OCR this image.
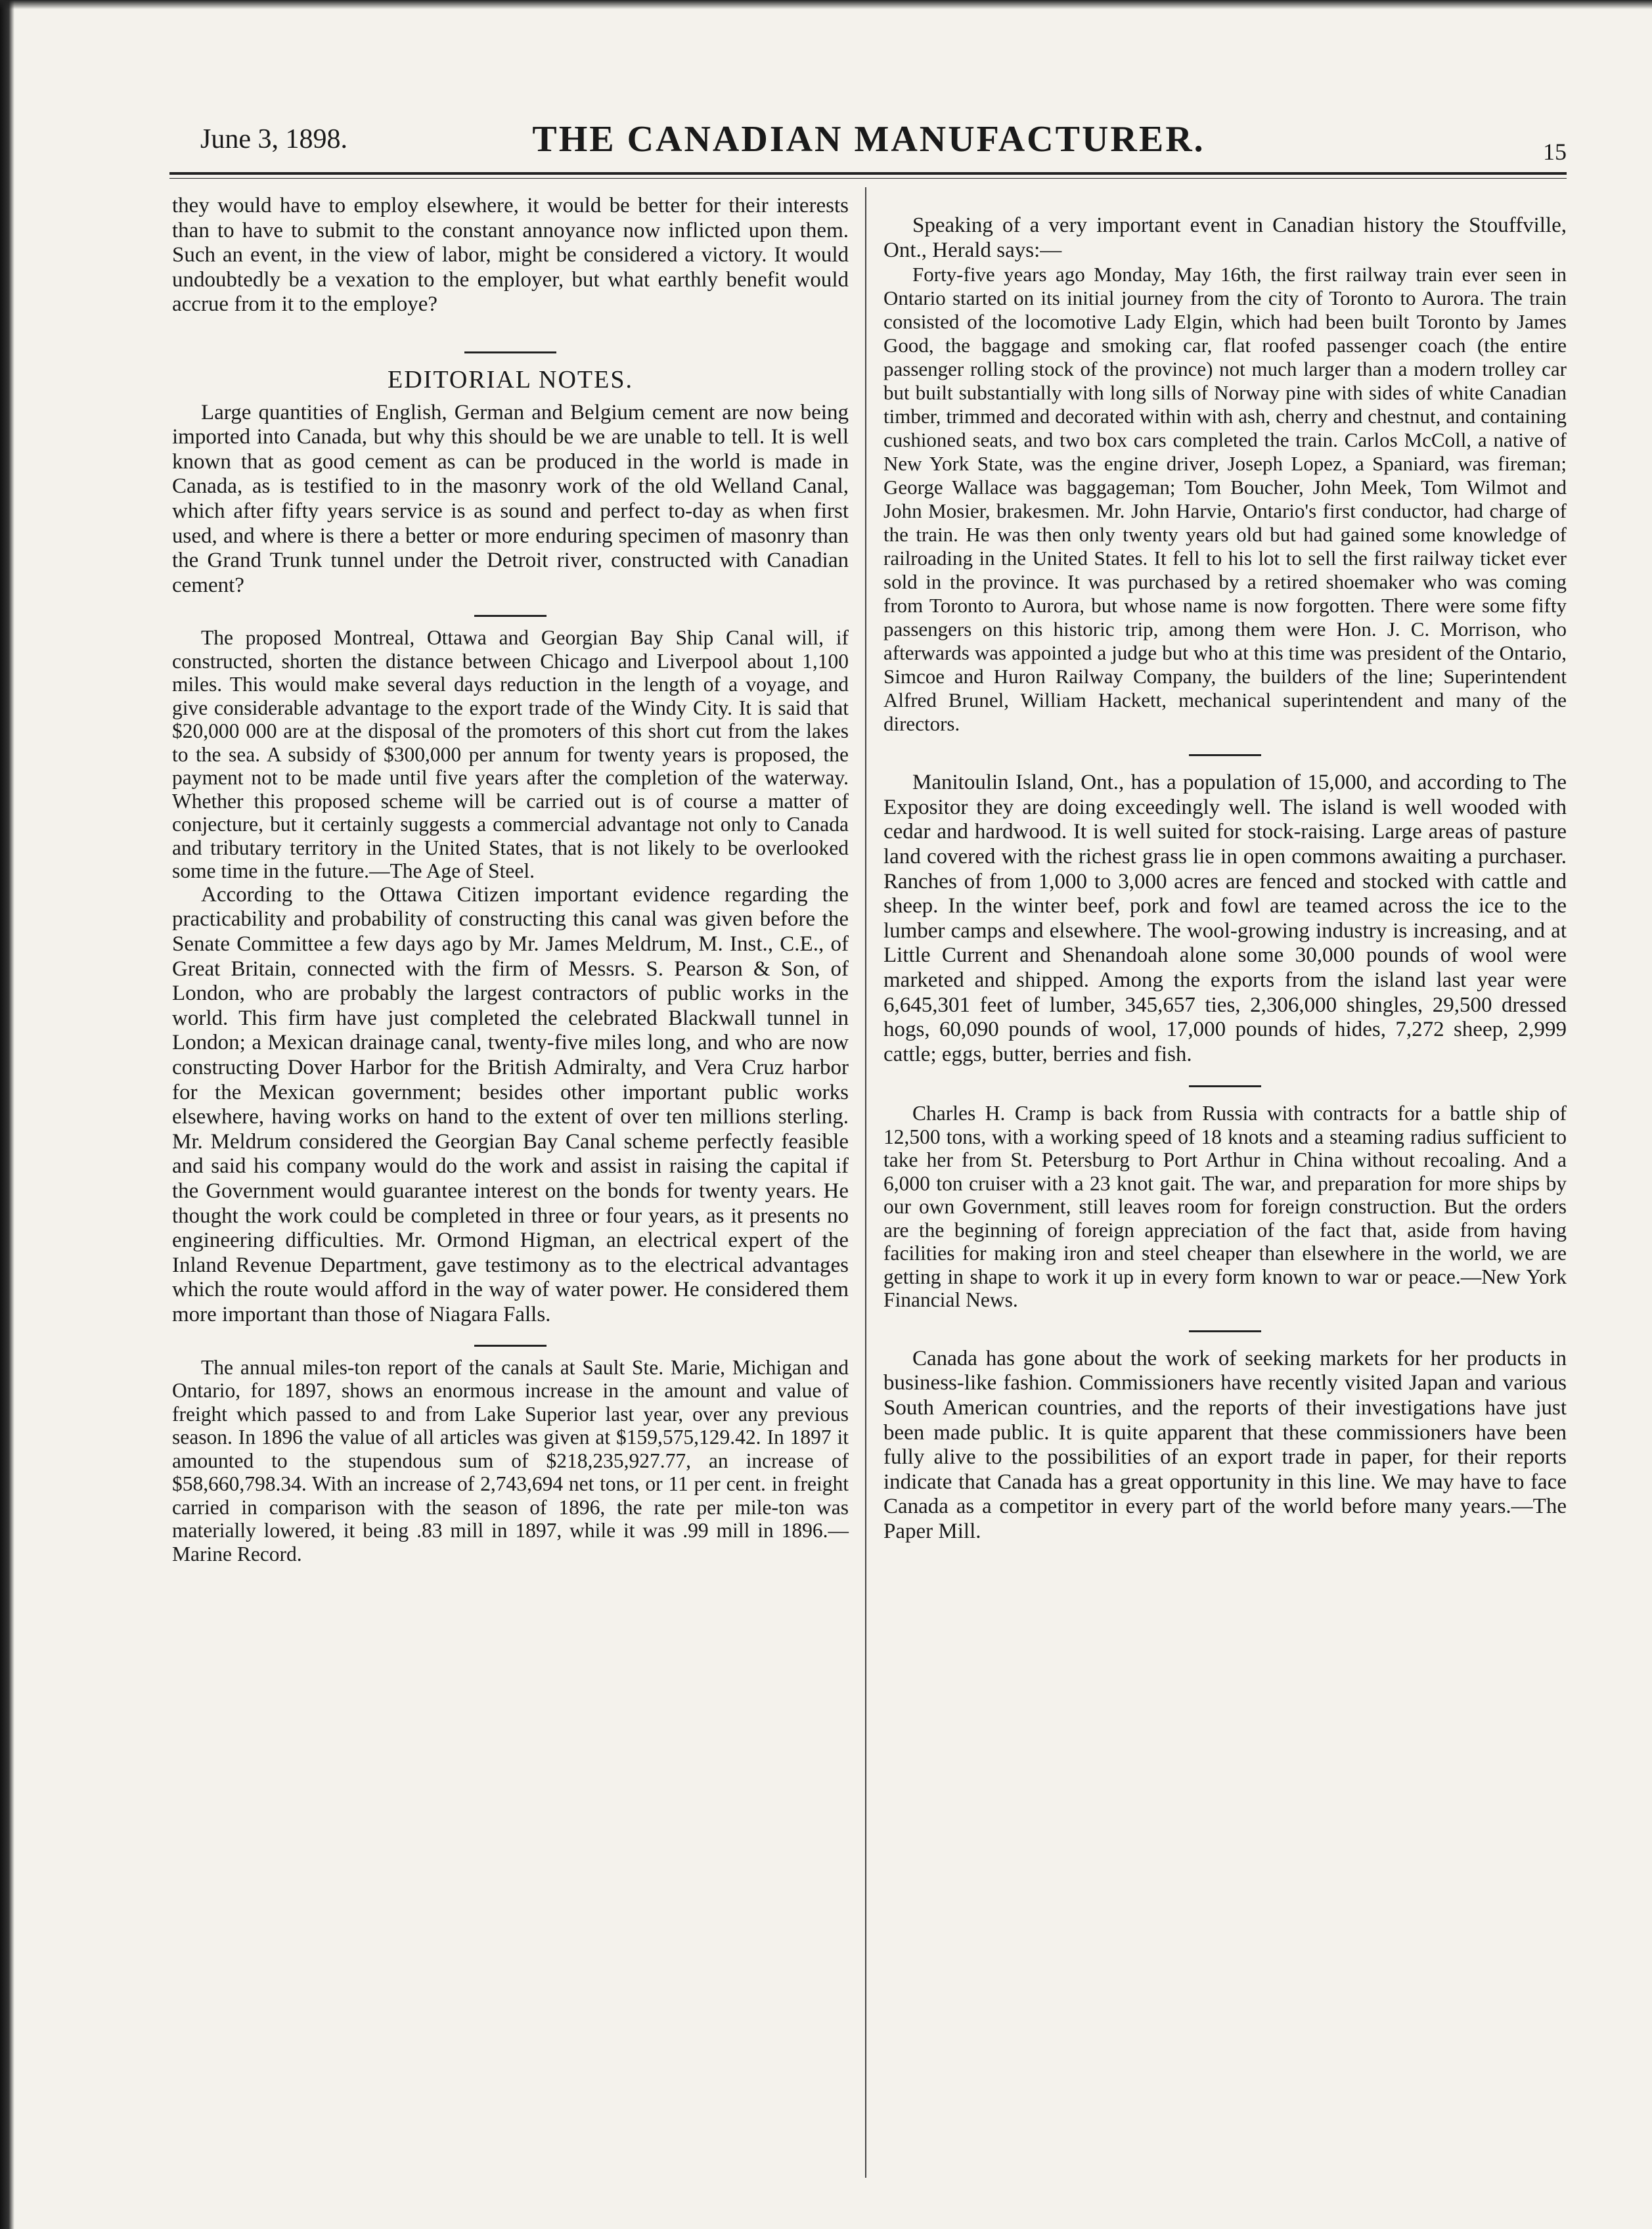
June 3, 1898.	THE CANADIAN MANUFACTURER.	15

they would have to employ elsewhere, it would be better for their interests than to have to submit to the constant annoyance now inflicted upon them. Such an event, in the view of labor, might be considered a victory. It would undoubtedly be a vexation to the employer, but what earthly benefit would accrue from it to the employe?

EDITORIAL NOTES.

Large quantities of English, German and Belgium cement are now being imported into Canada, but why this should be we are unable to tell. It is well known that as good cement as can be produced in the world is made in Canada, as is testified to in the masonry work of the old Welland Canal, which after fifty years service is as sound and perfect to-day as when first used, and where is there a better or more enduring specimen of masonry than the Grand Trunk tunnel under the Detroit river, constructed with Canadian cement?

The proposed Montreal, Ottawa and Georgian Bay Ship Canal will, if constructed, shorten the distance between Chicago and Liverpool about 1,100 miles. This would make several days reduction in the length of a voyage, and give considerable advantage to the export trade of the Windy City. It is said that $20,000 000 are at the disposal of the promoters of this short cut from the lakes to the sea. A subsidy of $300,000 per annum for twenty years is proposed, the payment not to be made until five years after the completion of the waterway. Whether this proposed scheme will be carried out is of course a matter of conjecture, but it certainly suggests a commercial advantage not only to Canada and tributary territory in the United States, that is not likely to be overlooked some time in the future.—The Age of Steel.

According to the Ottawa Citizen important evidence regarding the practicability and probability of constructing this canal was given before the Senate Committee a few days ago by Mr. James Meldrum, M. Inst., C.E., of Great Britain, connected with the firm of Messrs. S. Pearson & Son, of London, who are probably the largest contractors of public works in the world. This firm have just completed the celebrated Blackwall tunnel in London; a Mexican drainage canal, twenty-five miles long, and who are now constructing Dover Harbor for the British Admiralty, and Vera Cruz harbor for the Mexican government; besides other important public works elsewhere, having works on hand to the extent of over ten millions sterling. Mr. Meldrum considered the Georgian Bay Canal scheme perfectly feasible and said his company would do the work and assist in raising the capital if the Government would guarantee interest on the bonds for twenty years. He thought the work could be completed in three or four years, as it presents no engineering difficulties. Mr. Ormond Higman, an electrical expert of the Inland Revenue Department, gave testimony as to the electrical advantages which the route would afford in the way of water power. He considered them more important than those of Niagara Falls.

The annual miles-ton report of the canals at Sault Ste. Marie, Michigan and Ontario, for 1897, shows an enormous increase in the amount and value of freight which passed to and from Lake Superior last year, over any previous season. In 1896 the value of all articles was given at $159,575,129.42. In 1897 it amounted to the stupendous sum of $218,235,927.77, an increase of $58,660,798.34. With an increase of 2,743,694 net tons, or 11 per cent. in freight carried in comparison with the season of 1896, the rate per mile-ton was materially lowered, it being .83 mill in 1897, while it was .99 mill in 1896.—Marine Record.

Speaking of a very important event in Canadian history the Stouffville, Ont., Herald says:—

Forty-five years ago Monday, May 16th, the first railway train ever seen in Ontario started on its initial journey from the city of Toronto to Aurora. The train consisted of the locomotive Lady Elgin, which had been built Toronto by James Good, the baggage and smoking car, flat roofed passenger coach (the entire passenger rolling stock of the province) not much larger than a modern trolley car but built substantially with long sills of Norway pine with sides of white Canadian timber, trimmed and decorated within with ash, cherry and chestnut, and containing cushioned seats, and two box cars completed the train. Carlos McColl, a native of New York State, was the engine driver, Joseph Lopez, a Spaniard, was fireman; George Wallace was baggageman; Tom Boucher, John Meek, Tom Wilmot and John Mosier, brakesmen. Mr. John Harvie, Ontario's first conductor, had charge of the train. He was then only twenty years old but had gained some knowledge of railroading in the United States. It fell to his lot to sell the first railway ticket ever sold in the province. It was purchased by a retired shoemaker who was coming from Toronto to Aurora, but whose name is now forgotten. There were some fifty passengers on this historic trip, among them were Hon. J. C. Morrison, who afterwards was appointed a judge but who at this time was president of the Ontario, Simcoe and Huron Railway Company, the builders of the line; Superintendent Alfred Brunel, William Hackett, mechanical superintendent and many of the directors.

Manitoulin Island, Ont., has a population of 15,000, and according to The Expositor they are doing exceedingly well. The island is well wooded with cedar and hardwood. It is well suited for stock-raising. Large areas of pasture land covered with the richest grass lie in open commons awaiting a purchaser. Ranches of from 1,000 to 3,000 acres are fenced and stocked with cattle and sheep. In the winter beef, pork and fowl are teamed across the ice to the lumber camps and elsewhere. The wool-growing industry is increasing, and at Little Current and Shenandoah alone some 30,000 pounds of wool were marketed and shipped. Among the exports from the island last year were 6,645,301 feet of lumber, 345,657 ties, 2,306,000 shingles, 29,500 dressed hogs, 60,090 pounds of wool, 17,000 pounds of hides, 7,272 sheep, 2,999 cattle; eggs, butter, berries and fish.

Charles H. Cramp is back from Russia with contracts for a battle ship of 12,500 tons, with a working speed of 18 knots and a steaming radius sufficient to take her from St. Petersburg to Port Arthur in China without recoaling. And a 6,000 ton cruiser with a 23 knot gait. The war, and preparation for more ships by our own Government, still leaves room for foreign construction. But the orders are the beginning of foreign appreciation of the fact that, aside from having facilities for making iron and steel cheaper than elsewhere in the world, we are getting in shape to work it up in every form known to war or peace.—New York Financial News.

Canada has gone about the work of seeking markets for her products in business-like fashion. Commissioners have recently visited Japan and various South American countries, and the reports of their investigations have just been made public. It is quite apparent that these commissioners have been fully alive to the possibilities of an export trade in paper, for their reports indicate that Canada has a great opportunity in this line. We may have to face Canada as a competitor in every part of the world before many years.—The Paper Mill.
